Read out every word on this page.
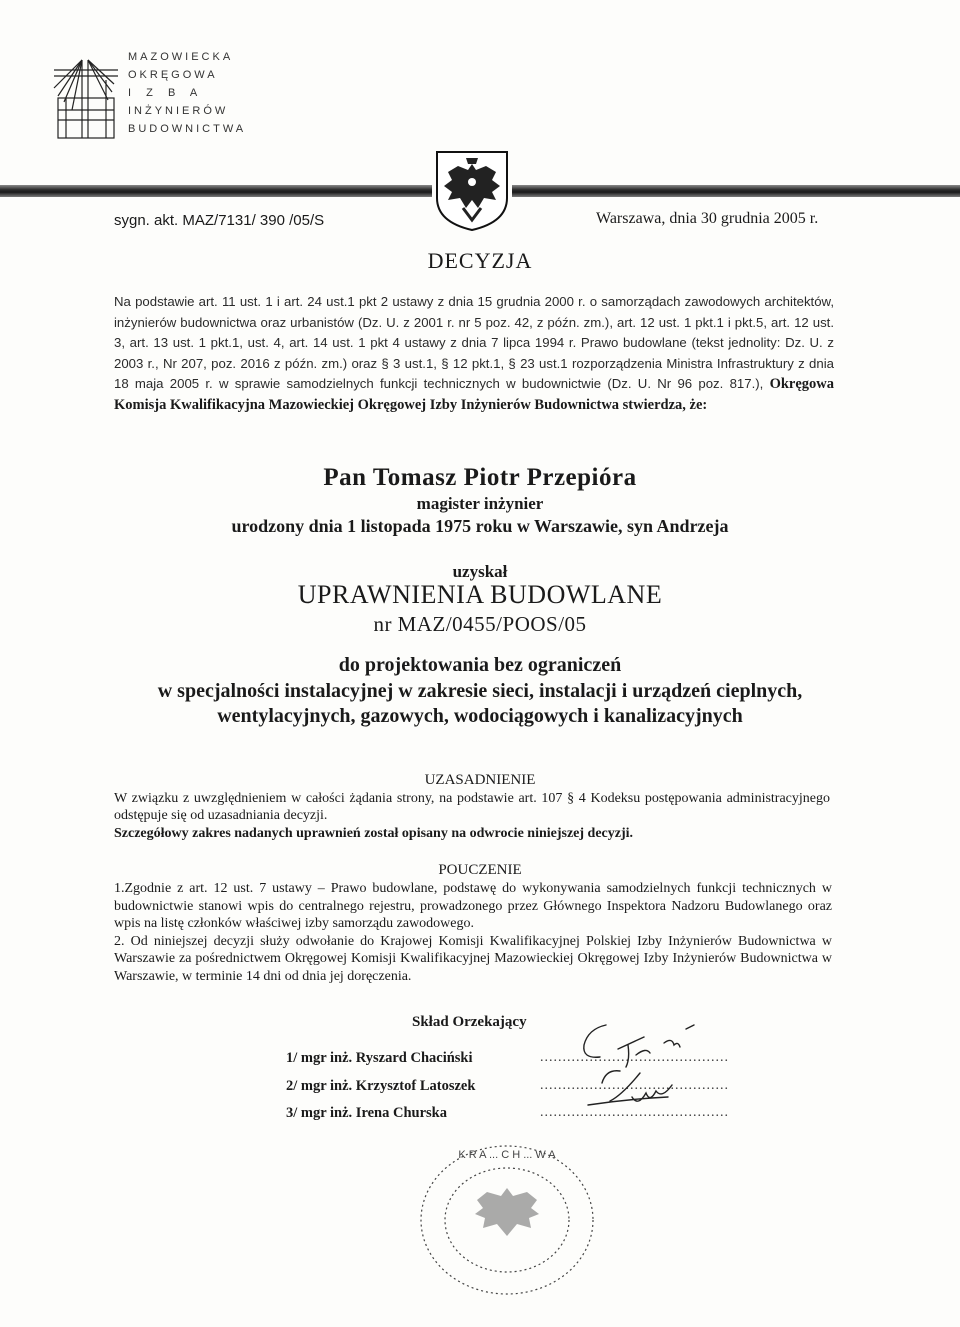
MAZOWIECKA
OKRĘGOWA
I  Z  B  A
INŻYNIERÓW
BUDOWNICTWA
sygn. akt. MAZ/7131/ 390 /05/S	Warszawa, dnia 30 grudnia 2005 r.
DECYZJA
Na podstawie art. 11 ust. 1 i art. 24 ust.1 pkt 2 ustawy z dnia 15 grudnia 2000 r. o samorządach zawodowych architektów, inżynierów budownictwa oraz urbanistów (Dz. U. z 2001 r. nr 5 poz. 42, z późn. zm.), art. 12 ust. 1 pkt.1 i pkt.5, art. 12 ust. 3, art. 13 ust. 1 pkt.1, ust. 4, art. 14 ust. 1 pkt 4 ustawy z dnia 7 lipca 1994 r. Prawo budowlane (tekst jednolity: Dz. U. z 2003 r., Nr 207, poz. 2016 z późn. zm.) oraz § 3 ust.1, § 12 pkt.1, § 23 ust.1 rozporządzenia Ministra Infrastruktury z dnia 18 maja 2005 r. w sprawie samodzielnych funkcji technicznych w budownictwie (Dz. U. Nr 96 poz. 817.), Okręgowa Komisja Kwalifikacyjna Mazowieckiej Okręgowej Izby Inżynierów Budownictwa stwierdza, że:
Pan Tomasz Piotr Przepióra
magister inżynier
urodzony dnia 1 listopada 1975 roku w Warszawie, syn Andrzeja
uzyskał
UPRAWNIENIA BUDOWLANE
nr MAZ/0455/POOS/05
do projektowania bez ograniczeń
w specjalności instalacyjnej w zakresie sieci, instalacji i urządzeń cieplnych,
wentylacyjnych, gazowych, wodociągowych i kanalizacyjnych
UZASADNIENIE
W związku z uwzględnieniem w całości żądania strony, na podstawie art. 107 § 4 Kodeksu postępowania administracyjnego odstępuje się od uzasadniania decyzji.
Szczegółowy zakres nadanych uprawnień został opisany na odwrocie niniejszej decyzji.
POUCZENIE

1.Zgodnie z art. 12 ust. 7 ustawy – Prawo budowlane, podstawę do wykonywania samodzielnych funkcji technicznych w budownictwie stanowi wpis do centralnego rejestru, prowadzonego przez Głównego Inspektora Nadzoru Budowlanego oraz wpis na listę członków właściwej izby samorządu zawodowego.

2. Od niniejszej decyzji służy odwołanie do Krajowej Komisji Kwalifikacyjnej Polskiej Izby Inżynierów Budownictwa w Warszawie za pośrednictwem Okręgowej Komisji Kwalifikacyjnej Mazowieckiej Okręgowej Izby Inżynierów Budownictwa w Warszawie, w terminie 14 dni od dnia jej doręczenia.

Skład Orzekający
1/ mgr inż. Ryszard Chaciński
2/ mgr inż. Krzysztof Latoszek
3/ mgr inż. Irena Churska
..........................................
..........................................
..........................................
K R A ... C H ... W A
